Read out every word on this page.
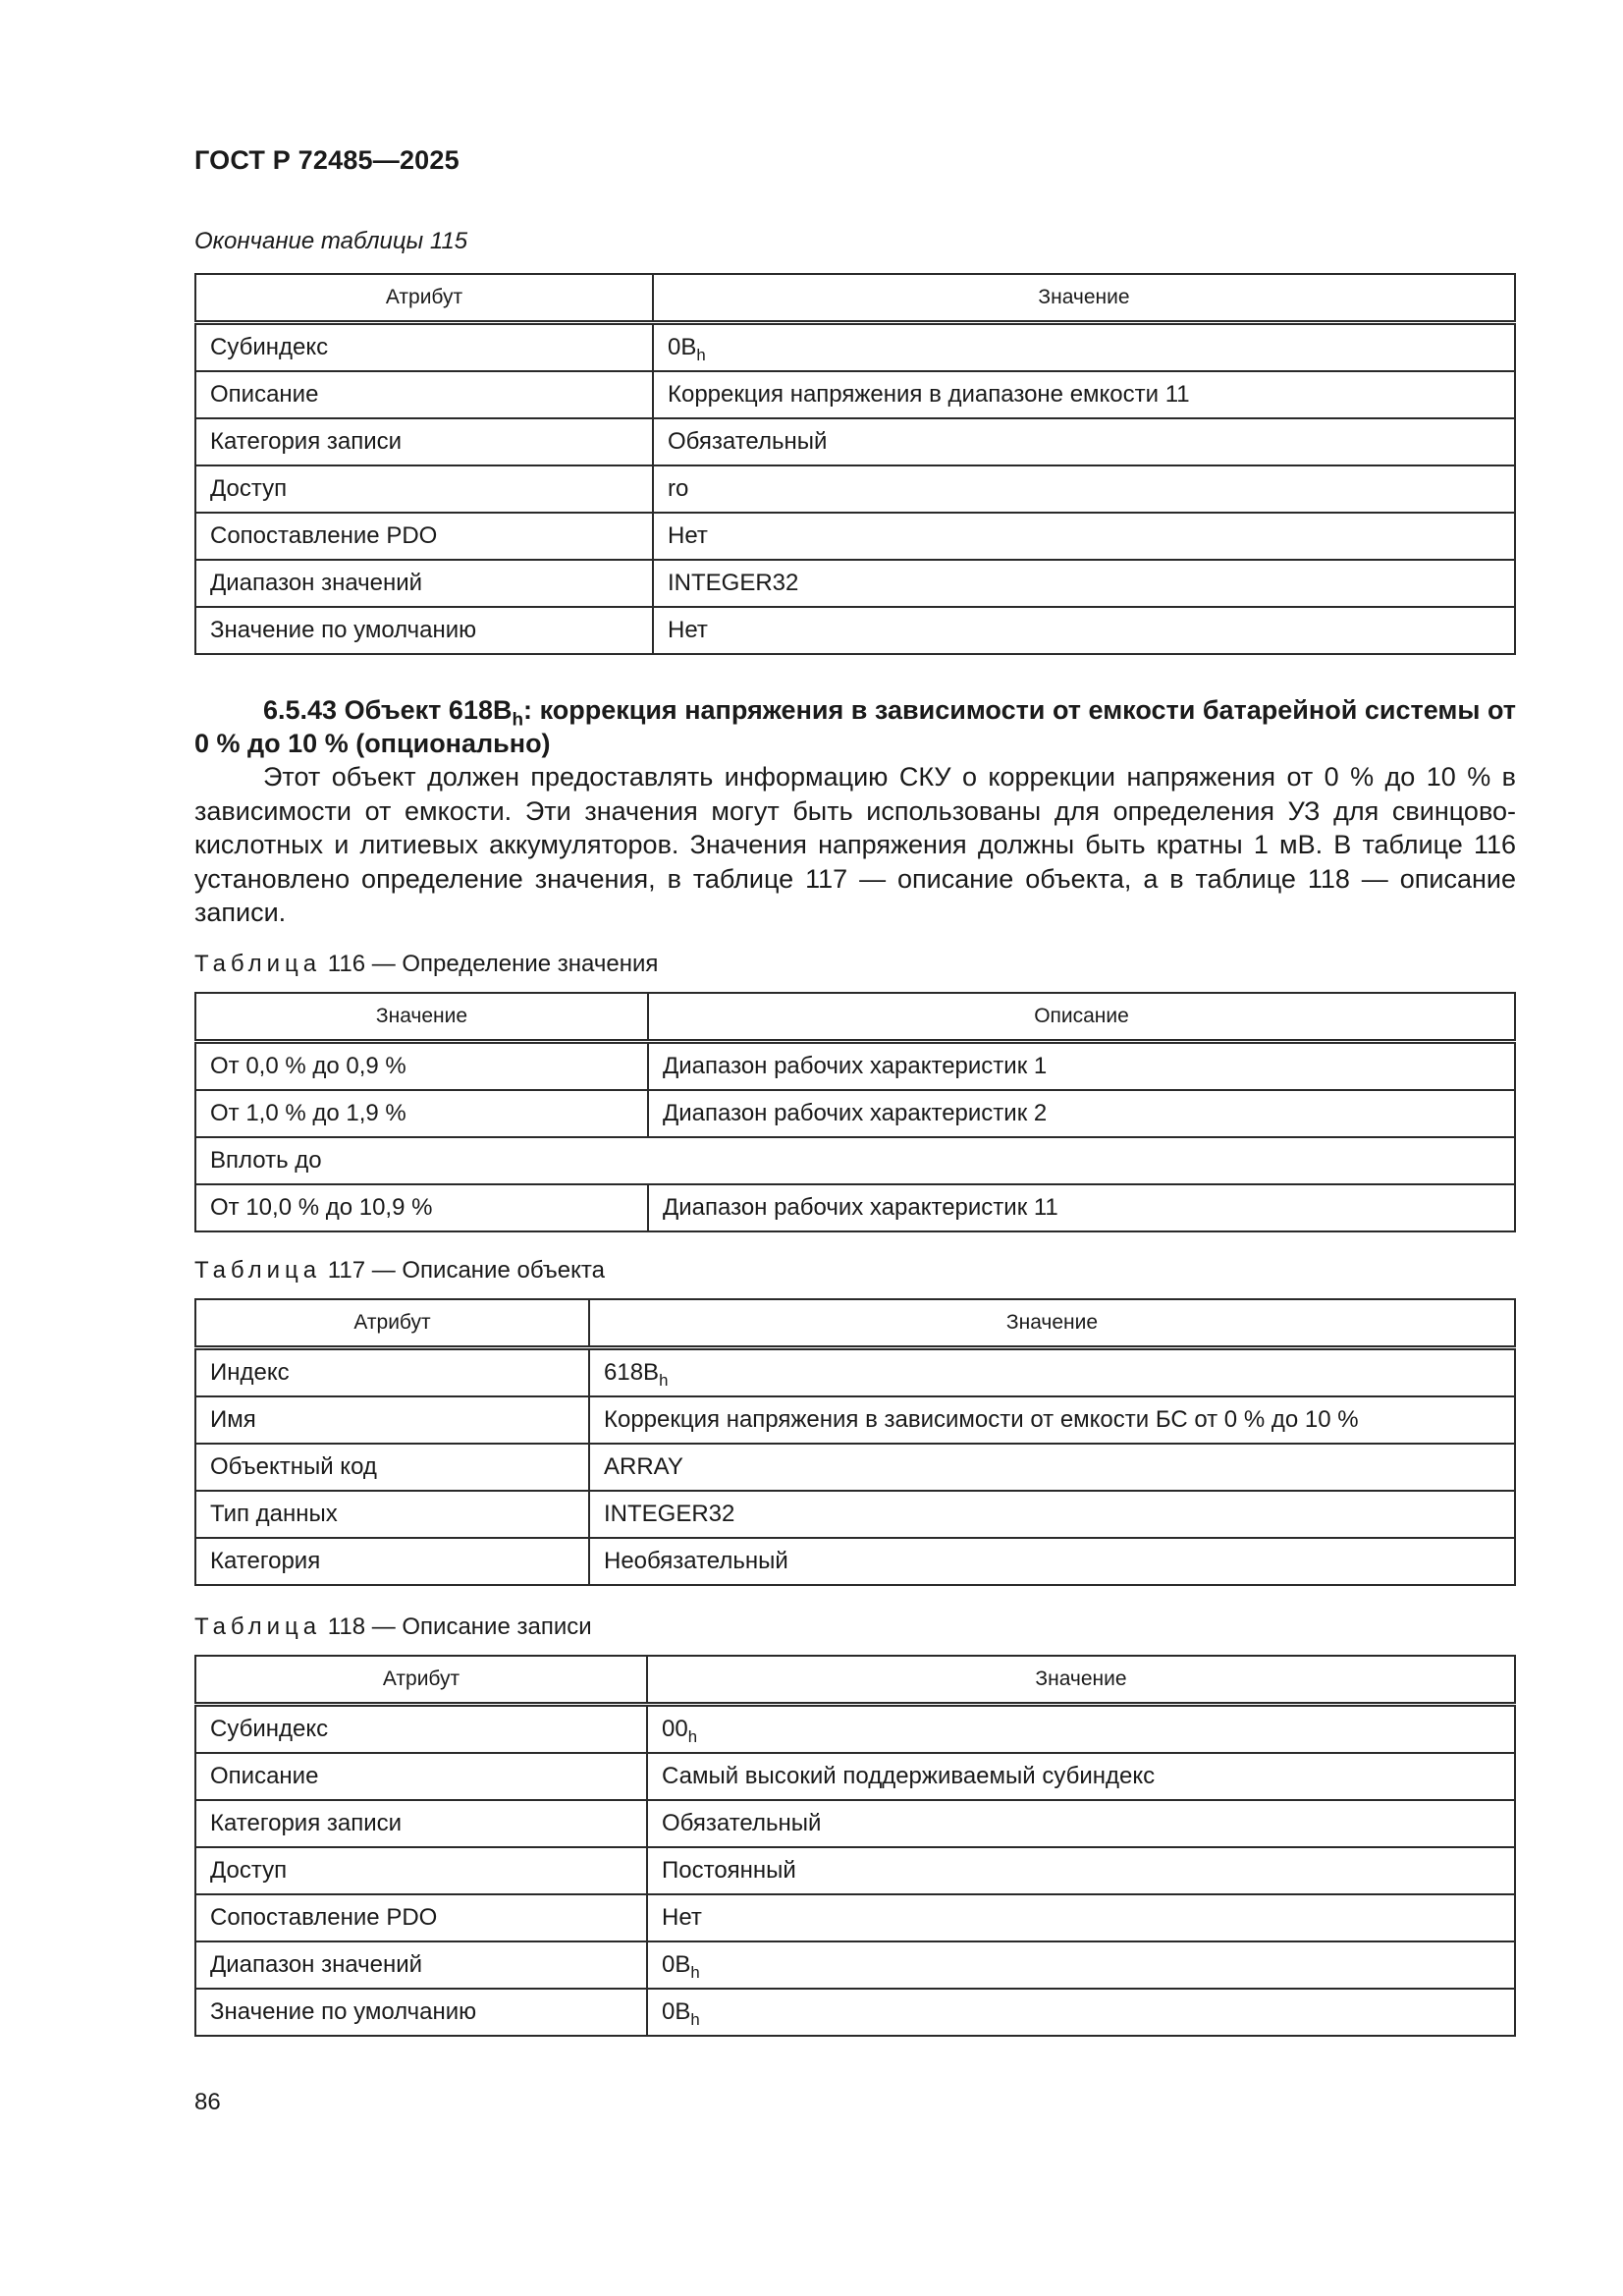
ГОСТ Р 72485—2025
Окончание таблицы 115
Атрибут	Значение
Субиндекс	$0B_h$
Описание	Коррекция напряжения в диапазоне емкости 11
Категория записи	Обязательный
Доступ	ro
Сопоставление PDO	Нет
Диапазон значений	INTEGER32
Значение по умолчанию	Нет
6.5.43 Объект $618B_h$: коррекция напряжения в зависимости от емкости батарейной системы от 0 % до 10 % (опционально)
Этот объект должен предоставлять информацию СКУ о коррекции напряжения от 0 % до 10 % в зависимости от емкости. Эти значения могут быть использованы для определения УЗ для свинцово-кислотных и литиевых аккумуляторов. Значения напряжения должны быть кратны 1 мВ. В таблице 116 установлено определение значения, в таблице 117 — описание объекта, а в таблице 118 — описание записи.
Таблица 116 — Определение значения
Значение	Описание
От 0,0 % до 0,9 %	Диапазон рабочих характеристик 1
От 1,0 % до 1,9 %	Диапазон рабочих характеристик 2
Вплоть до	
От 10,0 % до 10,9 %	Диапазон рабочих характеристик 11
Таблица 117 — Описание объекта
Атрибут	Значение
Индекс	$618B_h$
Имя	Коррекция напряжения в зависимости от емкости БС от 0 % до 10 %
Объектный код	ARRAY
Тип данных	INTEGER32
Категория	Необязательный
Таблица 118 — Описание записи
Атрибут	Значение
Субиндекс	$00_h$
Описание	Самый высокий поддерживаемый субиндекс
Категория записи	Обязательный
Доступ	Постоянный
Сопоставление PDO	Нет
Диапазон значений	$0B_h$
Значение по умолчанию	$0B_h$
86
